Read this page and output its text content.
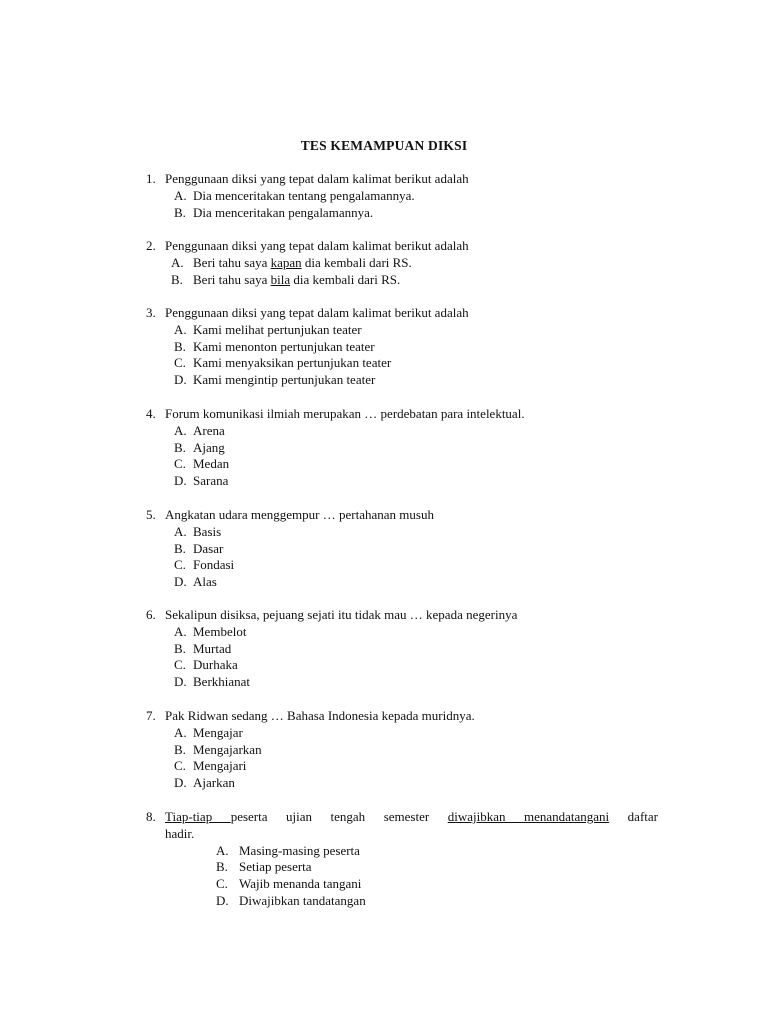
TES KEMAMPUAN DIKSI
1. Penggunaan diksi yang tepat dalam kalimat berikut adalah
A. Dia menceritakan tentang pengalamannya.
B. Dia menceritakan pengalamannya.
2. Penggunaan diksi yang tepat dalam kalimat berikut adalah
A. Beri tahu saya kapan dia kembali dari RS.
B. Beri tahu saya bila dia kembali dari RS.
3. Penggunaan diksi yang tepat dalam kalimat berikut adalah
A. Kami melihat pertunjukan teater
B. Kami menonton pertunjukan teater
C. Kami menyaksikan pertunjukan teater
D. Kami mengintip pertunjukan teater
4. Forum komunikasi ilmiah merupakan … perdebatan para intelektual.
A. Arena
B. Ajang
C. Medan
D. Sarana
5. Angkatan udara menggempur … pertahanan musuh
A. Basis
B. Dasar
C. Fondasi
D. Alas
6. Sekalipun disiksa, pejuang sejati itu tidak mau … kepada negerinya
A. Membelot
B. Murtad
C. Durhaka
D. Berkhianat
7. Pak Ridwan sedang … Bahasa Indonesia kepada muridnya.
A. Mengajar
B. Mengajarkan
C. Mengajari
D. Ajarkan
8. Tiap-tiap peserta ujian tengah semester diwajibkan menandatangani daftar
hadir.
A. Masing-masing peserta
B. Setiap peserta
C. Wajib menanda tangani
D. Diwajibkan tandatangan
